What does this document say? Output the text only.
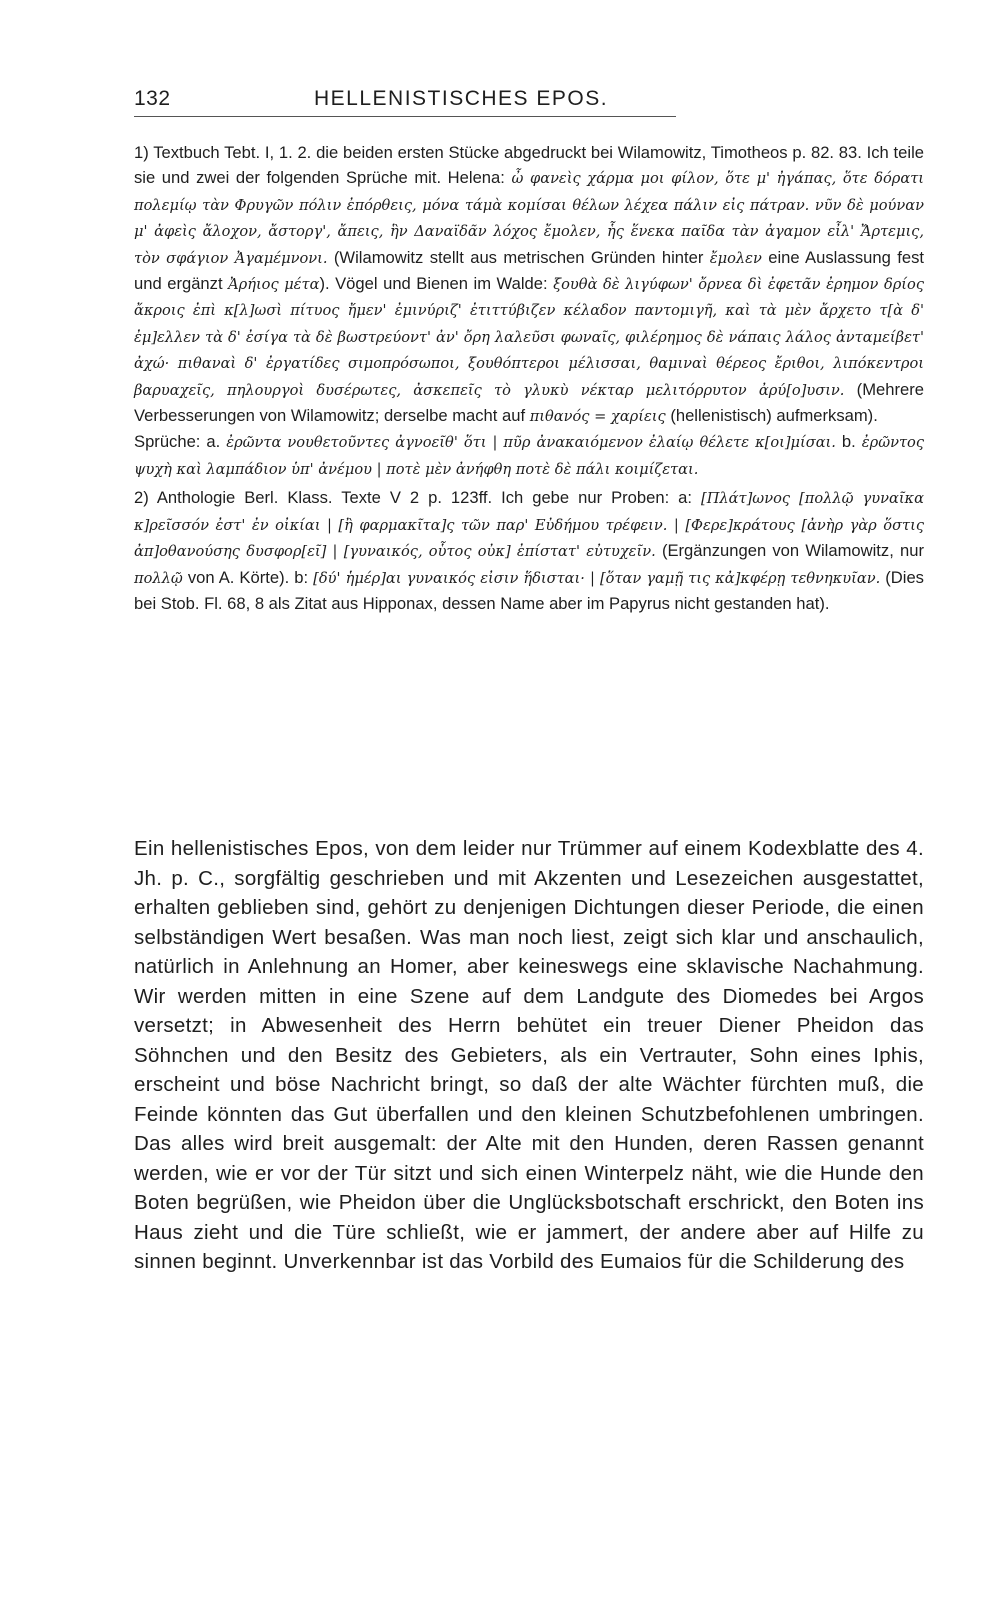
132	HELLENISTISCHES EPOS.

1) Textbuch Tebt. I, 1. 2. die beiden ersten Stücke abgedruckt bei Wilamowitz, Timotheos p. 82. 83. Ich teile sie und zwei der folgenden Sprüche mit. Helena: ὦ φανεὶς χάρμα μοι φίλον, ὅτε μ' ἠγάπας, ὅτε δόρατι πολεμίῳ τὰν Φρυγῶν πόλιν ἐπόρθεις, μόνα τάμὰ κομίσαι θέλων λέχεα πάλιν εἰς πάτραν. νῦν δὲ μούναν μ' ἀφεὶς ἄλοχον, ἄστοργ', ἄπεις, ἣν Δαναϊδᾶν λόχος ἔμολεν, ἧς ἕνεκα παῖδα τὰν ἀγαμον εἶλ' Ἄρτεμις, τὸν σφάγιον Ἀγαμέμνονι. (Wilamowitz stellt aus metrischen Gründen hinter ἔμολεν eine Auslassung fest und ergänzt Ἀρήιος μέτα). Vögel und Bienen im Walde: ξουθὰ δὲ λιγύφων' ὄρνεα δὶ ἐφετᾶν ἐρημον δρίος ἄκροις ἐπὶ κ[λ]ωσὶ πίτυος ἤμεν' ἐμινύριζ' ἐτιττύβιζεν κέλαδον παντομιγῆ, καὶ τὰ μὲν ἄρχετο τ[ὰ δ' ἐμ]ελλεν τὰ δ' ἐσίγα τὰ δὲ βωστρεύοντ' ἀν' ὄρη λαλεῦσι φωναῖς, φιλέρημος δὲ νάπαις λάλος ἀνταμείβετ' ἀχώ· πιθαναὶ δ' ἐργατίδες σιμοπρόσωποι, ξουθόπτεροι μέλισσαι, θαμιναὶ θέρεος ἔριθοι, λιπόκεντροι βαρυαχεῖς, πηλουργοὶ δυσέρωτες, ἀσκεπεῖς τὸ γλυκὺ νέκταρ μελιτόρρυτον ἀρύ[ο]υσιν. (Mehrere Verbesserungen von Wilamowitz; derselbe macht auf πιθανός = χαρίεις (hellenistisch) aufmerksam).

Sprüche: a. ἐρῶντα νουθετοῦντες ἀγνοεῖθ' ὅτι | πῦρ ἀνακαιόμενον ἐλαίῳ θέλετε κ[οι]μίσαι. b. ἐρῶντος ψυχὴ καὶ λαμπάδιον ὑπ' ἀνέμου | ποτὲ μὲν ἀνήφθη ποτὲ δὲ πάλι κοιμίζεται.

2) Anthologie Berl. Klass. Texte V 2 p. 123ff. Ich gebe nur Proben: a: [Πλάτ]ωνος [πολλῷ γυναῖκα κ]ρεῖσσόν ἐστ' ἐν οἰκίαι | [ἢ φαρμακῖτα]ς τῶν παρ' Εὐδήμου τρέφειν. | [Φερε]κράτους [ἀνὴρ γὰρ ὅστις ἀπ]οθανούσης δυσφορ[εῖ] | [γυναικός, οὗτος οὐκ] ἐπίστατ' εὐτυχεῖν. (Ergänzungen von Wilamowitz, nur πολλῷ von A. Körte). b: [δύ' ἡμέρ]αι γυναικός εἰσιν ἥδισται· | [ὅταν γαμῇ τις κἀ]κφέρῃ τεθνηκυῖαν. (Dies bei Stob. Fl. 68, 8 als Zitat aus Hipponax, dessen Name aber im Papyrus nicht gestanden hat).

Ein hellenistisches Epos, von dem leider nur Trümmer auf einem Kodexblatte des 4. Jh. p. C., sorgfältig geschrieben und mit Akzenten und Lesezeichen ausgestattet, erhalten geblieben sind, gehört zu denjenigen Dichtungen dieser Periode, die einen selbständigen Wert besaßen. Was man noch liest, zeigt sich klar und anschaulich, natürlich in Anlehnung an Homer, aber keineswegs eine sklavische Nachahmung. Wir werden mitten in eine Szene auf dem Landgute des Diomedes bei Argos versetzt; in Abwesenheit des Herrn behütet ein treuer Diener Pheidon das Söhnchen und den Besitz des Gebieters, als ein Vertrauter, Sohn eines Iphis, erscheint und böse Nachricht bringt, so daß der alte Wächter fürchten muß, die Feinde könnten das Gut überfallen und den kleinen Schutzbefohlenen umbringen. Das alles wird breit ausgemalt: der Alte mit den Hunden, deren Rassen genannt werden, wie er vor der Tür sitzt und sich einen Winterpelz näht, wie die Hunde den Boten begrüßen, wie Pheidon über die Unglücksbotschaft erschrickt, den Boten ins Haus zieht und die Türe schließt, wie er jammert, der andere aber auf Hilfe zu sinnen beginnt. Unverkennbar ist das Vorbild des Eumaios für die Schilderung des
